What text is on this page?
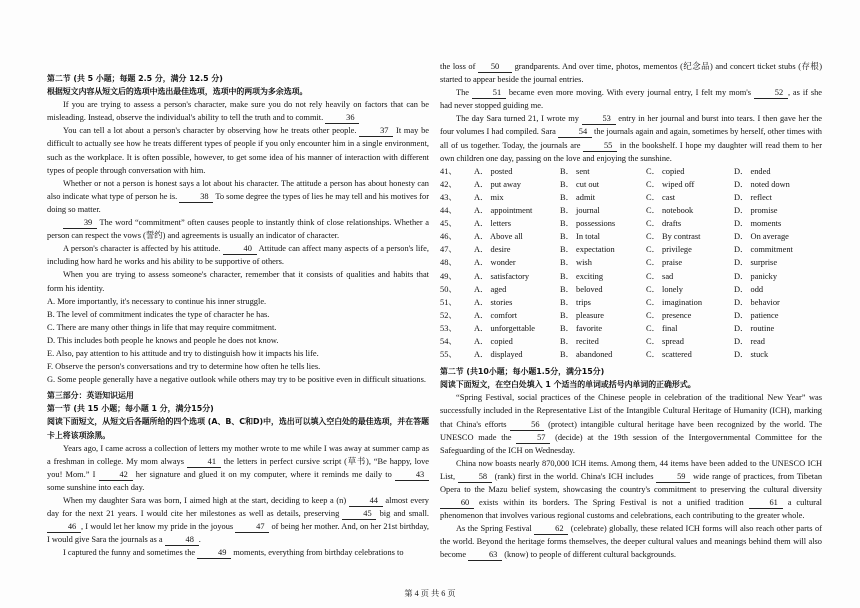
第二节 (共 5 小题；每题 2.5 分，满分 12.5 分)

根据短文内容从短文后的选项中选出最佳选项，选项中的两项为多余选项。

If you are trying to assess a person's character, make sure you do not rely heavily on factors that can be misleading. Instead, observe the individual's ability to tell the truth and to commit. 36

You can tell a lot about a person's character by observing how he treats other people. 37 It may be difficult to actually see how he treats different types of people if you only encounter him in a single environment, such as the workplace. It is often possible, however, to get some idea of his manner of interaction with different types of people through conversation with him.

Whether or not a person is honest says a lot about his character. The attitude a person has about honesty can also indicate what type of person he is. 38 To some degree the types of lies he may tell and his motives for doing so matter.

39 The word “commitment” often causes people to instantly think of close relationships. Whether a person can respect the vows (誓约) and agreements is usually an indicator of character.

A person's character is affected by his attitude. 40 Attitude can affect many aspects of a person's life, including how hard he works and his ability to be supportive of others.

When you are trying to assess someone's character, remember that it consists of qualities and habits that form his identity.

A. More importantly, it's necessary to continue his inner struggle.

B. The level of commitment indicates the type of character he has.

C. There are many other things in life that may require commitment.

D. This includes both people he knows and people he does not know.

E. Also, pay attention to his attitude and try to distinguish how it impacts his life.

F. Observe the person's conversations and try to determine how often he tells lies.

G. Some people generally have a negative outlook while others may try to be positive even in difficult situations.

第三部分：英语知识运用

第一节 (共 15 小题；每小题 1 分，满分15分)

阅读下面短文，从短文后各题所给的四个选项 (A、B、C和D)中，选出可以填入空白处的最佳选项，并在答题卡上将该项涂黑。

Years ago, I came across a collection of letters my mother wrote to me while I was away at summer camp as a freshman in college. My mom always 41 the letters in perfect cursive script (草书), “Be happy, love you! Mom.” I 42 her signature and glued it on my computer, where it reminds me daily to 43 some sunshine into each day.

When my daughter Sara was born, I aimed high at the start, deciding to keep a (n) 44 almost every day for the next 21 years. I would cite her milestones as well as details, preserving 45 big and small. 46 , I would let her know my pride in the joyous 47 of being her mother. And, on her 21st birthday, I would give Sara the journals as a 48 .

I captured the funny and sometimes the 49 moments, everything from birthday celebrations to

the loss of 50 grandparents. And over time, photos, mementos (纪念品) and concert ticket stubs (存根) started to appear beside the journal entries.

The 51 became even more moving. With every journal entry, I felt my mom's 52 , as if she had never stopped guiding me.

The day Sara turned 21, I wrote my 53 entry in her journal and burst into tears. I then gave her the four volumes I had compiled. Sara 54 the journals again and again, sometimes by herself, other times with all of us together. Today, the journals are 55 in the bookshelf. I hope my daughter will read them to her own children one day, passing on the love and enjoying the sunshine.

41、	A． posted	B． sent	C． copied	D． ended
42、	A． put away	B． cut out	C． wiped off	D． noted down
43、	A． mix	B． admit	C． cast	D． reflect
44、	A． appointment	B． journal	C． notebook	D． promise
45、	A． letters	B． possessions	C． drafts	D． moments
46、	A． Above all	B． In total	C． By contrast	D． On average
47、	A． desire	B． expectation	C． privilege	D． commitment
48、	A． wonder	B． wish	C． praise	D． surprise
49、	A． satisfactory	B． exciting	C． sad	D． panicky
50、	A． aged	B． beloved	C． lonely	D． odd
51、	A． stories	B． trips	C． imagination	D． behavior
52、	A． comfort	B． pleasure	C． presence	D． patience
53、	A． unforgettable	B． favorite	C． final	D． routine
54、	A． copied	B． recited	C． spread	D． read
55、	A． displayed	B． abandoned	C． scattered	D． stuck

第二节 (共10小题；每小题1.5分，满分15分)

阅读下面短文，在空白处填入 1 个适当的单词或括号内单词的正确形式。

“Spring Festival, social practices of the Chinese people in celebration of the traditional New Year” was successfully included in the Representative List of the Intangible Cultural Heritage of Humanity (ICH), marking that China's efforts 56 (protect) intangible cultural heritage have been recognized by the world. The UNESCO made the 57 (decide) at the 19th session of the Intergovernmental Committee for the Safeguarding of the ICH on Wednesday.

China now boasts nearly 870,000 ICH items. Among them, 44 items have been added to the UNESCO ICH List, 58 (rank) first in the world. China's ICH includes 59 wide range of practices, from Tibetan Opera to the Mazu belief system, showcasing the country's commitment to preserving the cultural diversity 60 exists within its borders. The Spring Festival is not a unified tradition 61 a cultural phenomenon that involves various regional customs and celebrations, each contributing to the greater whole.

As the Spring Festival 62 (celebrate) globally, these related ICH forms will also reach other parts of the world. Beyond the heritage forms themselves, the deeper cultural values and meanings behind them will also become 63 (know) to people of different cultural backgrounds.

第 4 页 共 6 页
